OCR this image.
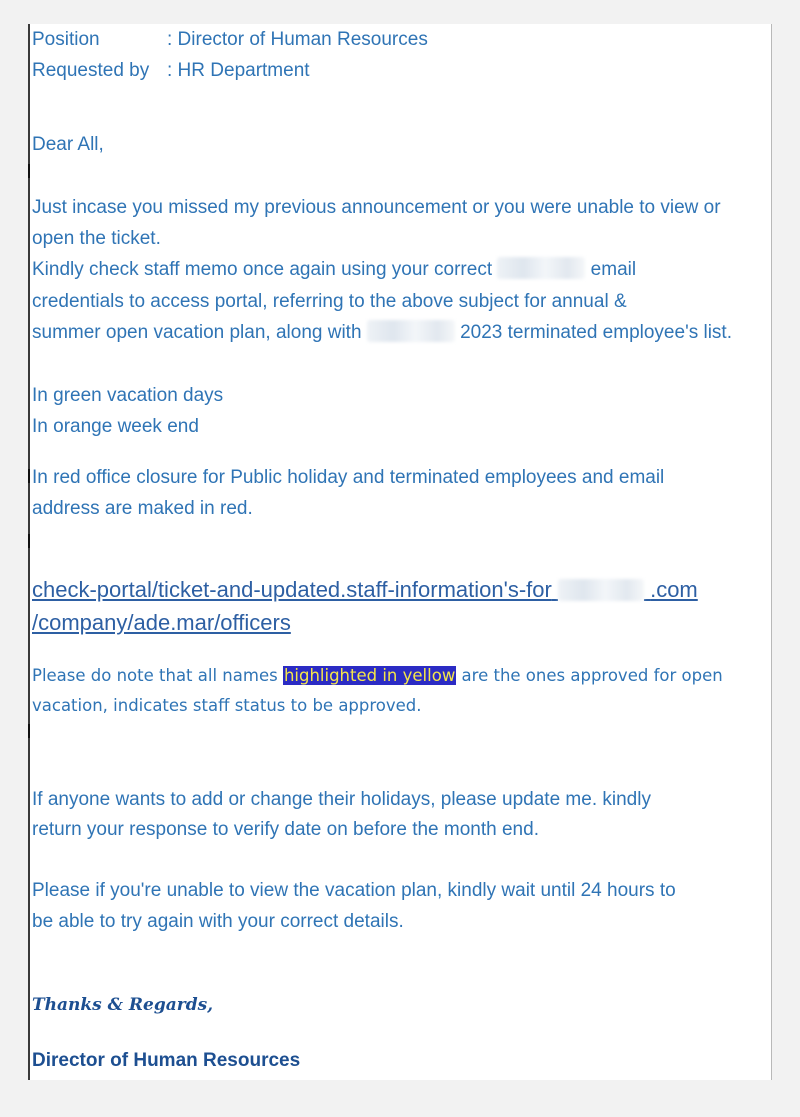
Position	: Director of Human Resources
Requested by : HR Department
Dear All,
Just incase you missed my previous announcement or you were unable to view or
open the ticket.
Kindly check staff memo once again using your correct	email
credentials to access portal, referring to the above subject for annual &
summer open vacation plan, along with	2023 terminated employee's list.
In green vacation days
In orange week end
In red office closure for Public holiday and terminated employees and email
address are maked in red.
check-portal/ticket-and-updated.staff-information's-for	.com
/company/ade.mar/officers
Please do note that all names highlighted in yellow are the ones approved for open
vacation, indicates staff status to be approved.
If anyone wants to add or change their holidays, please update me. kindly
return your response to verify date on before the month end.
Please if you're unable to view the vacation plan, kindly wait until 24 hours to
be able to try again with your correct details.
Thanks & Regards,
Director of Human Resources
